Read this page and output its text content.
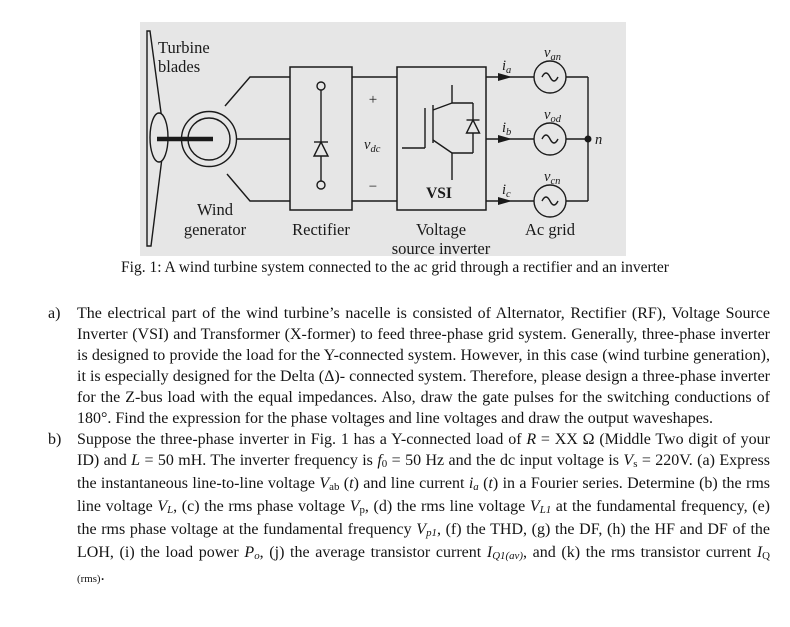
+
−
vdc
VSI
ia
ib
ic
van
vod
vcn
n
Turbine
blades
Wind
generator	Rectifier	Voltage
source inverter
Ac grid
Fig. 1: A wind turbine system connected to the ac grid through a rectifier and an inverter
a)	The electrical part of the wind turbine’s nacelle is consisted of Alternator, Rectifier (RF), Voltage Source Inverter (VSI) and Transformer (X-former) to feed three-phase grid system. Generally, three-phase inverter is designed to provide the load for the Y-connected system. However, in this case (wind turbine generation), it is especially designed for the Delta (Δ)- connected system. Therefore, please design a three-phase inverter for the Z-bus load with the equal impedances. Also, draw the gate pulses for the switching conductions of 180°. Find the expression for the phase voltages and line voltages and draw the output waveshapes.
b) Suppose the three-phase inverter in Fig. 1 has a Y-connected load of R = XX Ω (Middle Two digit of your ID) and L = 50 mH. The inverter frequency is f0 = 50 Hz and the dc input voltage is Vs = 220V. (a) Express the instantaneous line-to-line voltage Vab (t) and line current ia (t) in a Fourier series. Determine (b) the rms line voltage VL, (c) the rms phase voltage Vp, (d) the rms line voltage VL1 at the fundamental frequency, (e) the rms phase voltage at the fundamental frequency Vp1, (f) the THD, (g) the DF, (h) the HF and DF of the LOH, (i) the load power Po, (j) the average transistor current IQ1(av), and (k) the rms transistor current IQ (rms).
